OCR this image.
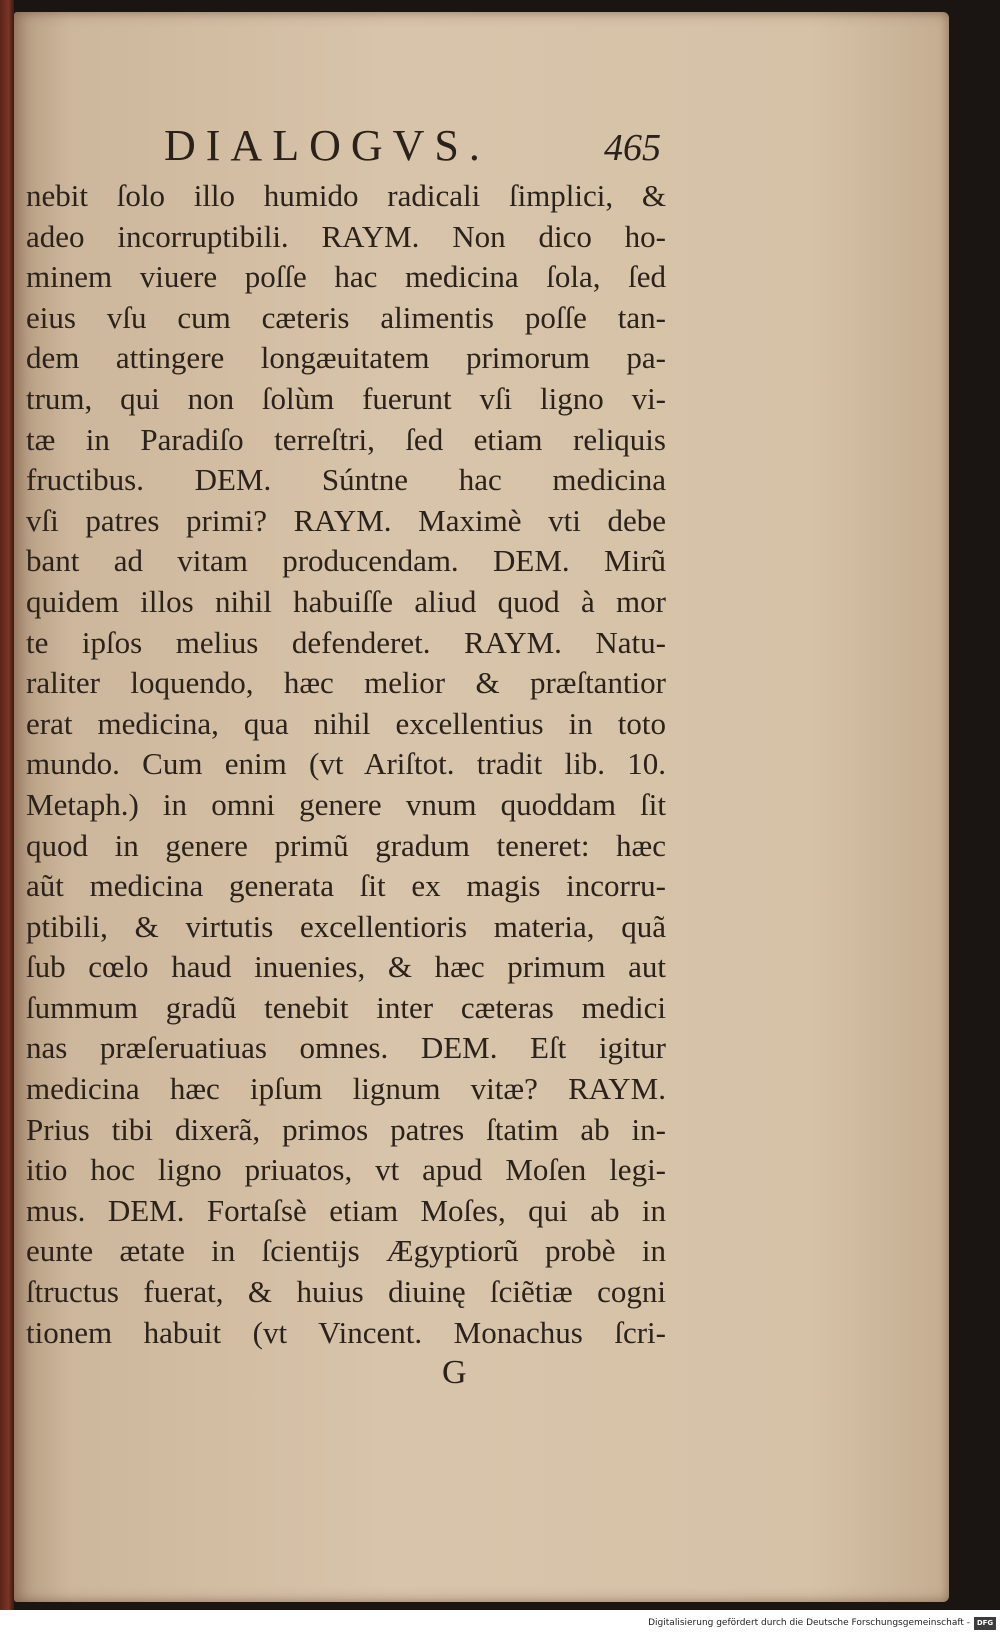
DIALOGVS.	465
nebit ſolo illo humido radicali ſimplici, &
adeo incorruptibili. RAYM. Non dico ho-
minem viuere poſſe hac medicina ſola, ſed
eius vſu cum cæteris alimentis poſſe tan-
dem attingere longæuitatem primorum pa-
trum, qui non ſolùm fuerunt vſi ligno vi-
tæ in Paradiſo terreſtri, ſed etiam reliquis
fructibus. DEM. Súntne hac medicina
vſi patres primi? RAYM. Maximè vti debe
bant ad vitam producendam. DEM. Mirũ
quidem illos nihil habuiſſe aliud quod à mor
te ipſos melius defenderet. RAYM. Natu-
raliter loquendo, hæc melior & præſtantior
erat medicina, qua nihil excellentius in toto
mundo. Cum enim (vt Ariſtot. tradit lib. 10.
Metaph.) in omni genere vnum quoddam ſit
quod in genere primũ gradum teneret: hæc
aũt medicina generata ſit ex magis incorru-
ptibili, & virtutis excellentioris materia, quã
ſub cœlo haud inuenies, & hæc primum aut
ſummum gradũ tenebit inter cæteras medici
nas præſeruatiuas omnes. DEM. Eſt igitur
medicina hæc ipſum lignum vitæ? RAYM.
Prius tibi dixerã, primos patres ſtatim ab in-
itio hoc ligno priuatos, vt apud Moſen legi-
mus. DEM. Fortaſsè etiam Moſes, qui ab in
eunte ætate in ſcientijs Ægyptiorũ probè in
ſtructus fuerat, & huius diuinę ſciẽtiæ cogni
tionem habuit (vt Vincent. Monachus ſcri-
G
Digitalisierung gefördert durch die Deutsche Forschungsgemeinschaft - DFG
